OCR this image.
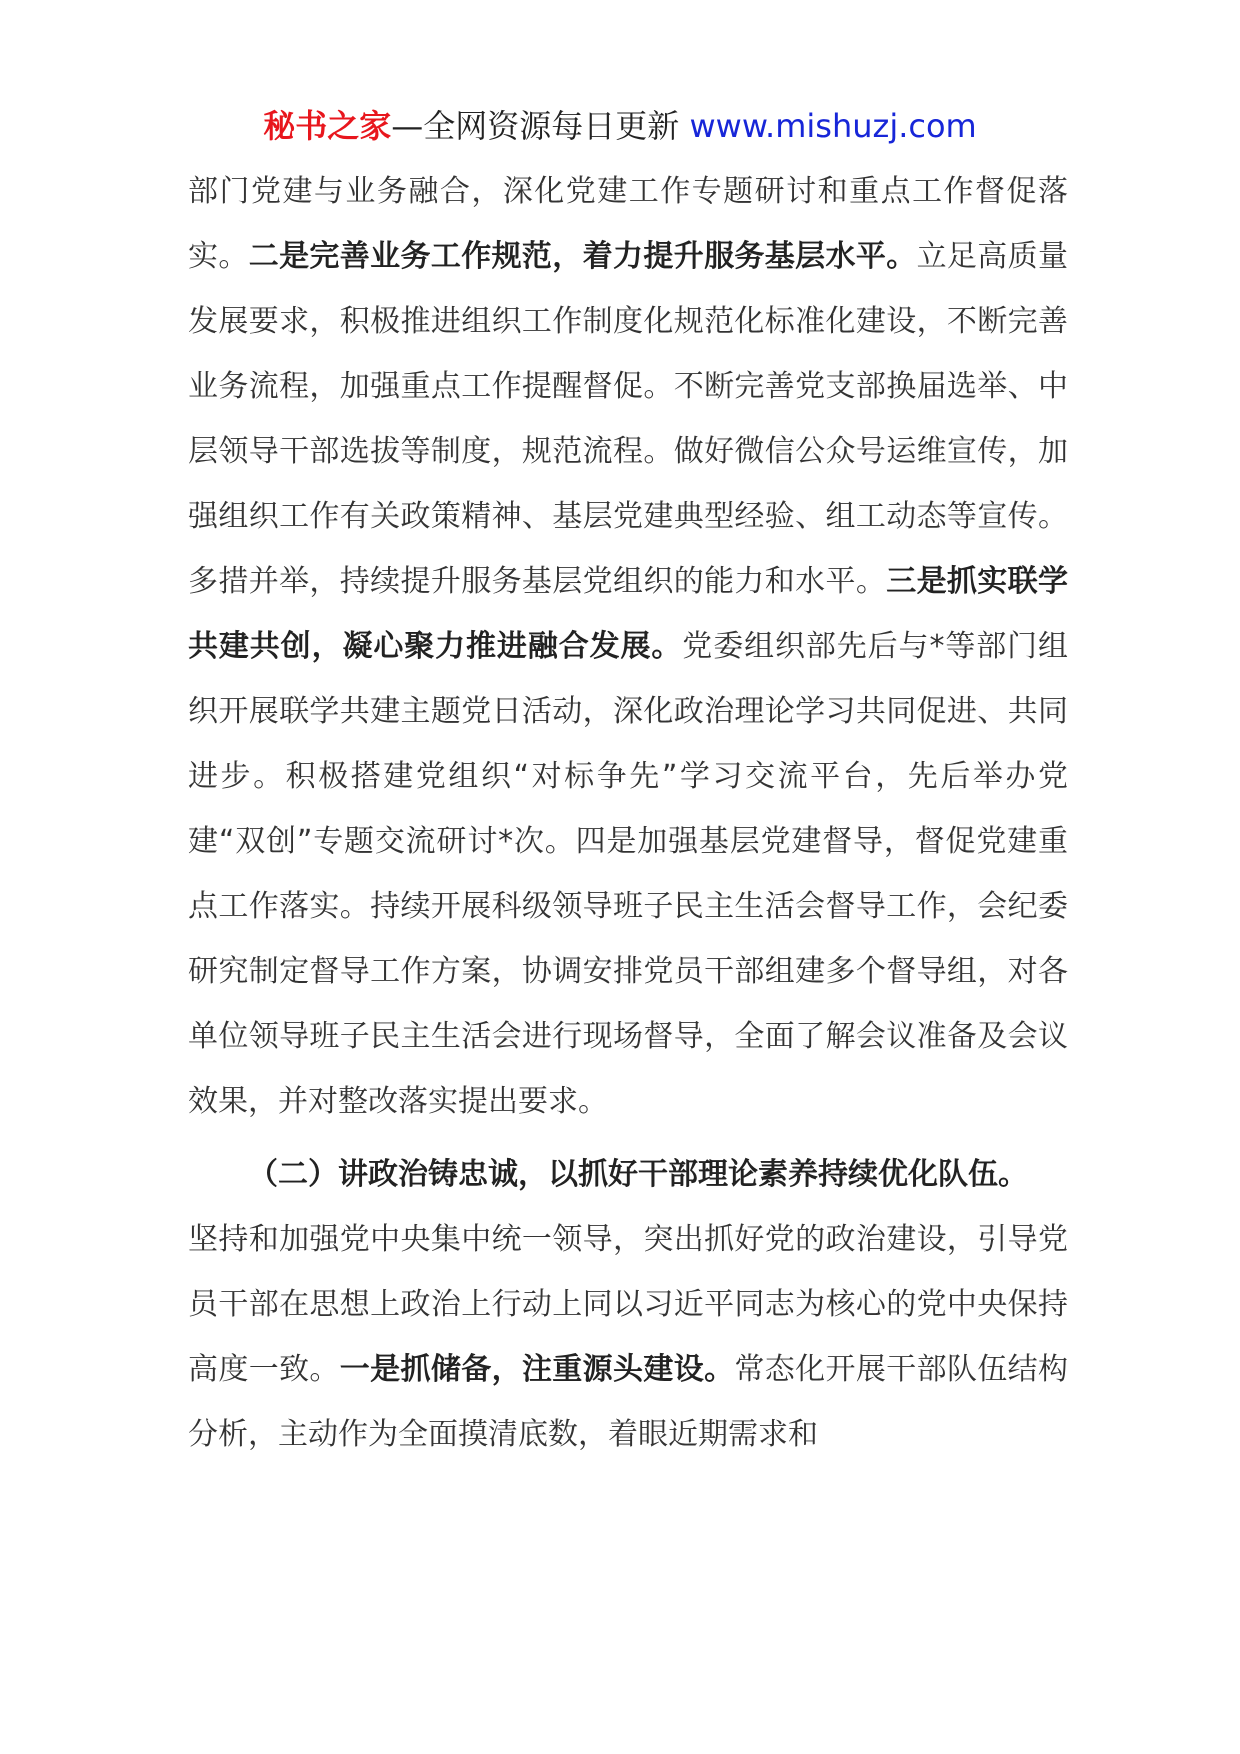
秘书之家—全网资源每日更新 www.mishuzj.com

部门党建与业务融合，深化党建工作专题研讨和重点工作督促落实。二是完善业务工作规范，着力提升服务基层水平。立足高质量发展要求，积极推进组织工作制度化规范化标准化建设，不断完善业务流程，加强重点工作提醒督促。不断完善党支部换届选举、中层领导干部选拔等制度，规范流程。做好微信公众号运维宣传，加强组织工作有关政策精神、基层党建典型经验、组工动态等宣传。多措并举，持续提升服务基层党组织的能力和水平。三是抓实联学共建共创，凝心聚力推进融合发展。党委组织部先后与*等部门组织开展联学共建主题党日活动，深化政治理论学习共同促进、共同进步。积极搭建党组织“对标争先”学习交流平台，先后举办党建“双创”专题交流研讨*次。四是加强基层党建督导，督促党建重点工作落实。持续开展科级领导班子民主生活会督导工作，会纪委研究制定督导工作方案，协调安排党员干部组建多个督导组，对各单位领导班子民主生活会进行现场督导，全面了解会议准备及会议效果，并对整改落实提出要求。

（二）讲政治铸忠诚，以抓好干部理论素养持续优化队伍。
坚持和加强党中央集中统一领导，突出抓好党的政治建设，引导党员干部在思想上政治上行动上同以习近平同志为核心的党中央保持高度一致。一是抓储备，注重源头建设。常态化开展干部队伍结构分析，主动作为全面摸清底数，着眼近期需求和
